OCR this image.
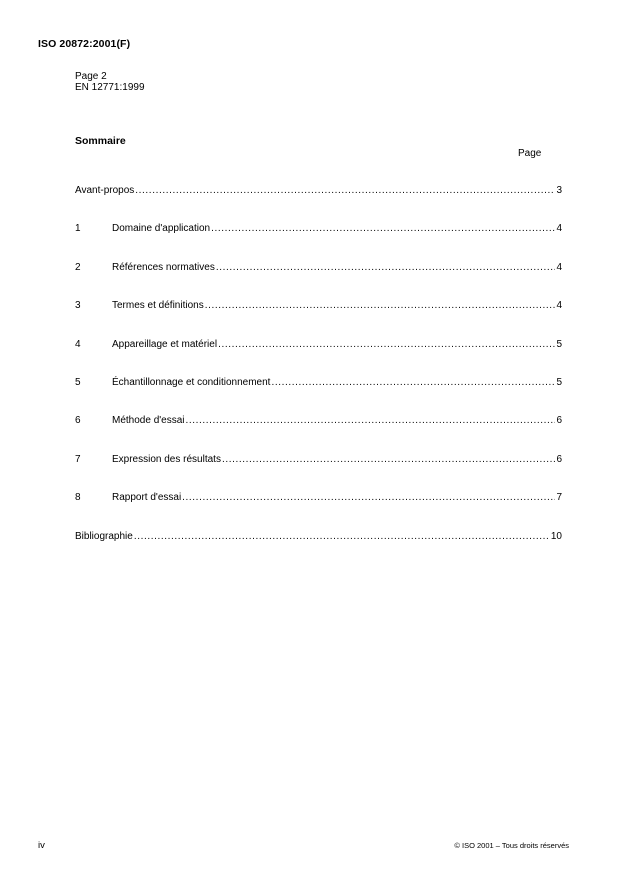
ISO 20872:2001(F)
Page 2
EN 12771:1999
Sommaire
Page
Avant-propos .....	3
1	Domaine d'application .....	4
2	Références normatives .....	4
3	Termes et définitions .....	4
4	Appareillage et matériel .....	5
5	Échantillonnage et conditionnement .....	5
6	Méthode d'essai .....	6
7	Expression des résultats .....	6
8	Rapport d'essai .....	7
Bibliographie .....	10
iv	© ISO 2001 – Tous droits réservés
